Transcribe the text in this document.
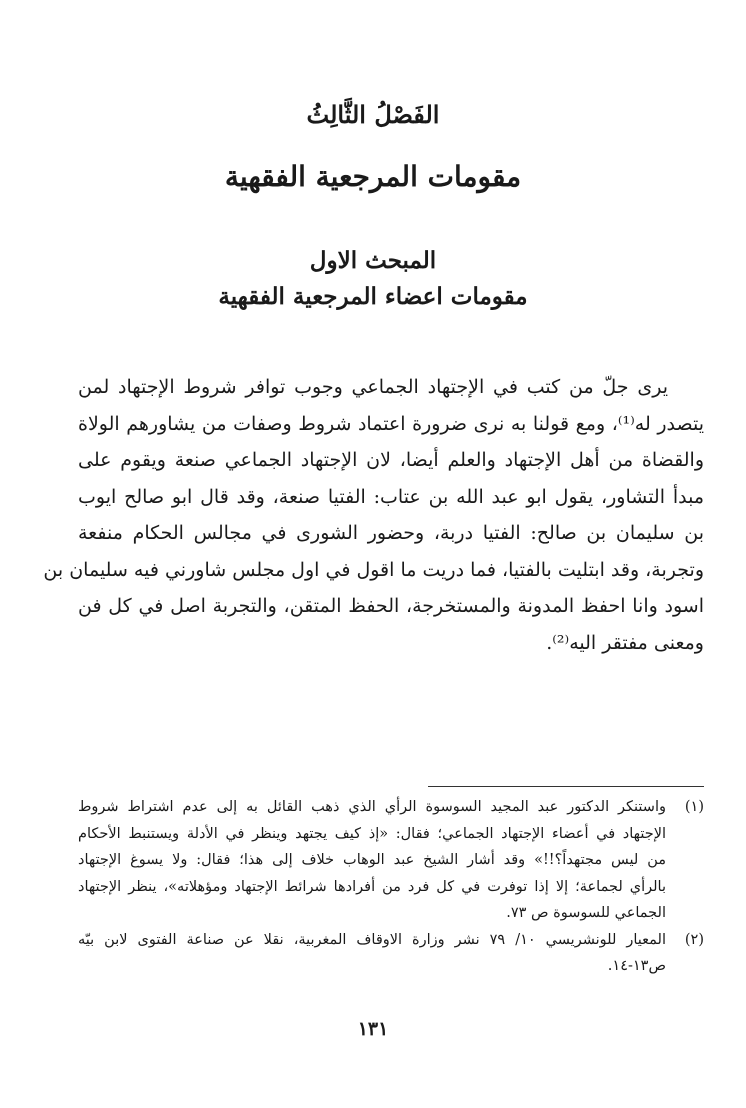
الفَصْلُ الثَّالِثُ
مقومات المرجعية الفقهية
المبحث الاول
مقومات اعضاء المرجعية الفقهية
يرى جلّ من كتب في الإجتهاد الجماعي وجوب توافر شروط الإجتهاد لمن
يتصدر له⁽¹⁾، ومع قولنا به نرى ضرورة اعتماد شروط وصفات من يشاورهم الولاة
والقضاة من أهل الإجتهاد والعلم أيضا، لان الإجتهاد الجماعي صنعة ويقوم على
مبدأ التشاور، يقول ابو عبد الله بن عتاب: الفتيا صنعة، وقد قال ابو صالح ايوب
بن سليمان بن صالح: الفتيا دربة، وحضور الشورى في مجالس الحكام منفعة
وتجربة، وقد ابتليت بالفتيا، فما دريت ما اقول في اول مجلس شاورني فيه سليمان بن
اسود وانا احفظ المدونة والمستخرجة، الحفظ المتقن، والتجربة اصل في كل فن
ومعنى مفتقر اليه⁽²⁾.
(١)واستنكر الدكتور عبد المجيد السوسوة الرأي الذي ذهب القائل به إلى عدم اشتراط شروط
الإجتهاد في أعضاء الإجتهاد الجماعي؛ فقال: «إذ كيف يجتهد وينظر في الأدلة ويستنبط الأحكام
من ليس مجتهداً؟!!» وقد أشار الشيخ عبد الوهاب خلاف إلى هذا؛ فقال: ولا يسوغ الإجتهاد
بالرأي لجماعة؛ إلا إذا توفرت في كل فرد من أفرادها شرائط الإجتهاد ومؤهلاته»، ينظر الإجتهاد
الجماعي للسوسوة ص ٧٣.
(٢)المعيار للونشريسي ١٠/ ٧٩ نشر وزارة الاوقاف المغربية، نقلا عن صناعة الفتوى لابن بيّه
ص١٣-١٤.
١٣١
